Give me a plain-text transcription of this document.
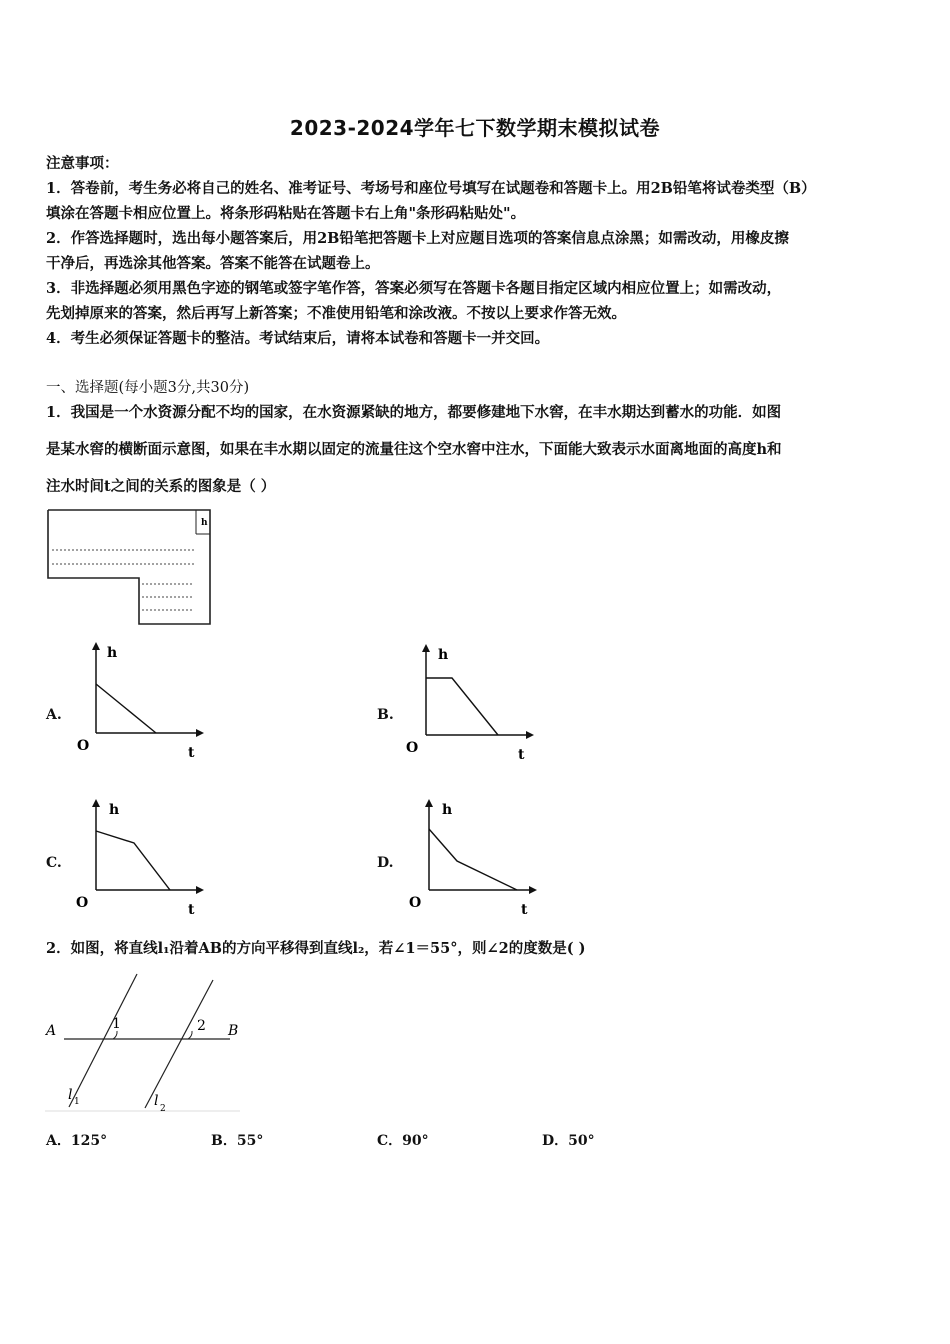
2023-2024学年七下数学期末模拟试卷
注意事项：
1．答卷前，考生务必将自己的姓名、准考证号、考场号和座位号填写在试题卷和答题卡上。用2B铅笔将试卷类型（B）
填涂在答题卡相应位置上。将条形码粘贴在答题卡右上角"条形码粘贴处"。
2．作答选择题时，选出每小题答案后，用2B铅笔把答题卡上对应题目选项的答案信息点涂黑；如需改动，用橡皮擦
干净后，再选涂其他答案。答案不能答在试题卷上。
3．非选择题必须用黑色字迹的钢笔或签字笔作答，答案必须写在答题卡各题目指定区域内相应位置上；如需改动，
先划掉原来的答案，然后再写上新答案；不准使用铅笔和涂改液。不按以上要求作答无效。
4．考生必须保证答题卡的整洁。考试结束后，请将本试卷和答题卡一并交回。
一、选择题(每小题3分,共30分)
1．我国是一个水资源分配不均的国家，在水资源紧缺的地方，都要修建地下水窖，在丰水期达到蓄水的功能．如图
是某水窖的横断面示意图，如果在丰水期以固定的流量往这个空水窖中注水，下面能大致表示水面离地面的高度h和
注水时间t之间的关系的图象是（ ）
h
A.
h
O	t
B.
h
O	t
C.
h
O	t
D.
h
O	t
2．如图，将直线l₁沿着AB的方向平移得到直线l₂，若∠1＝55°，则∠2的度数是( )
A	B
1	2
l 1	l 2
A．125°	B．55°	C．90°	D．50°
